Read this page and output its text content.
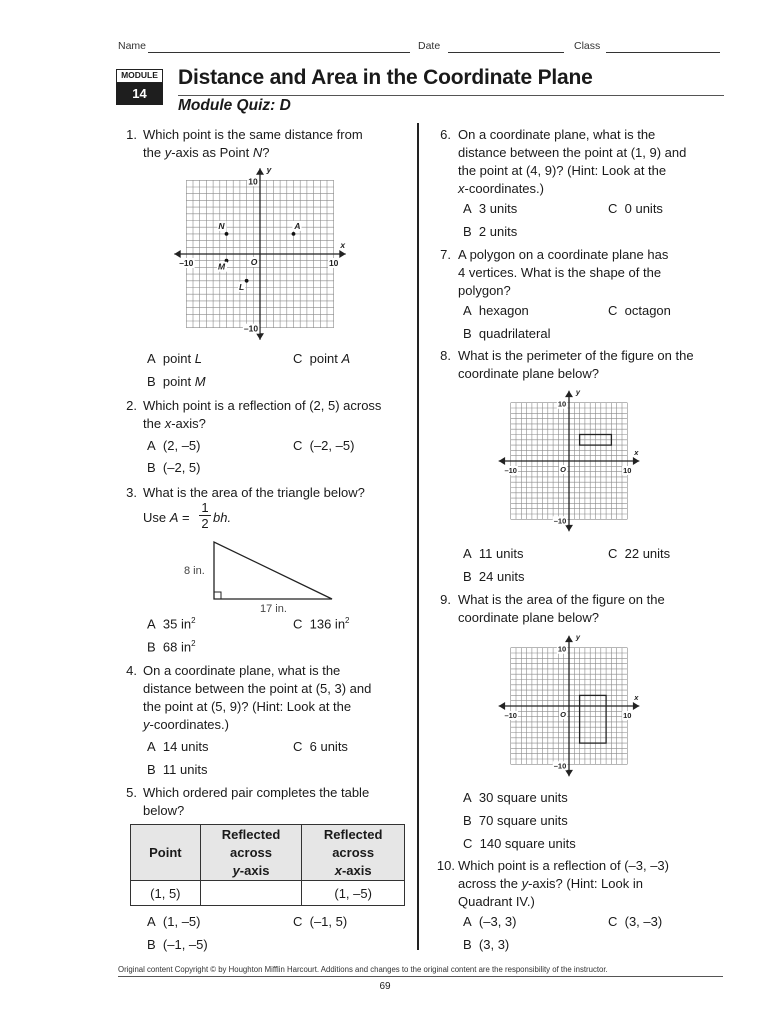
Name	Date	Class
MODULE
14
Distance and Area in the Coordinate Plane
Module Quiz: D
1. Which point is the same distance from
the y-axis as Point N?
y
x
10
–10
10
–10	O
N	A
M
L
A point L	C point A
B point M
2. Which point is a reflection of (2, 5) across
the x-axis?
A (2, –5)	C (–2, –5)
B (–2, 5)
3. What is the area of the triangle below?
Use $A = \frac{1}{2}$ bh.
8 in.
17 in.
A 35 $in^2$	C 136 $in^2$
B 68 $in^2$
4. On a coordinate plane, what is the
distance between the point at (5, 3) and
the point at (5, 9)? (Hint: Look at the
y-coordinates.)
A 14 units	C 6 units
B 11 units
5. Which ordered pair completes the table
below?
Point	Reflected
across
y-axis	Reflected
across
x-axis
(1, 5)		(1, –5)
A (1, –5)	C (–1, 5)
B (–1, –5)
6. On a coordinate plane, what is the
distance between the point at (1, 9) and
the point at (4, 9)? (Hint: Look at the
x-coordinates.)
A 3 units	C 0 units
B 2 units
7. A polygon on a coordinate plane has
4 vertices. What is the shape of the
polygon?
A hexagon	C octagon
B quadrilateral
8. What is the perimeter of the figure on the
coordinate plane below?
y
x
10
–10
10
–10	O
A 11 units	C 22 units
B 24 units
9. What is the area of the figure on the
coordinate plane below?
y
x
10
–10
10
–10	O
A 30 square units
B 70 square units
C 140 square units
10. Which point is a reflection of (–3, –3)
across the y-axis? (Hint: Look in
Quadrant IV.)
A (–3, 3)	C (3, –3)
B (3, 3)
Original content Copyright © by Houghton Mifflin Harcourt. Additions and changes to the original content are the responsibility of the instructor.
69
